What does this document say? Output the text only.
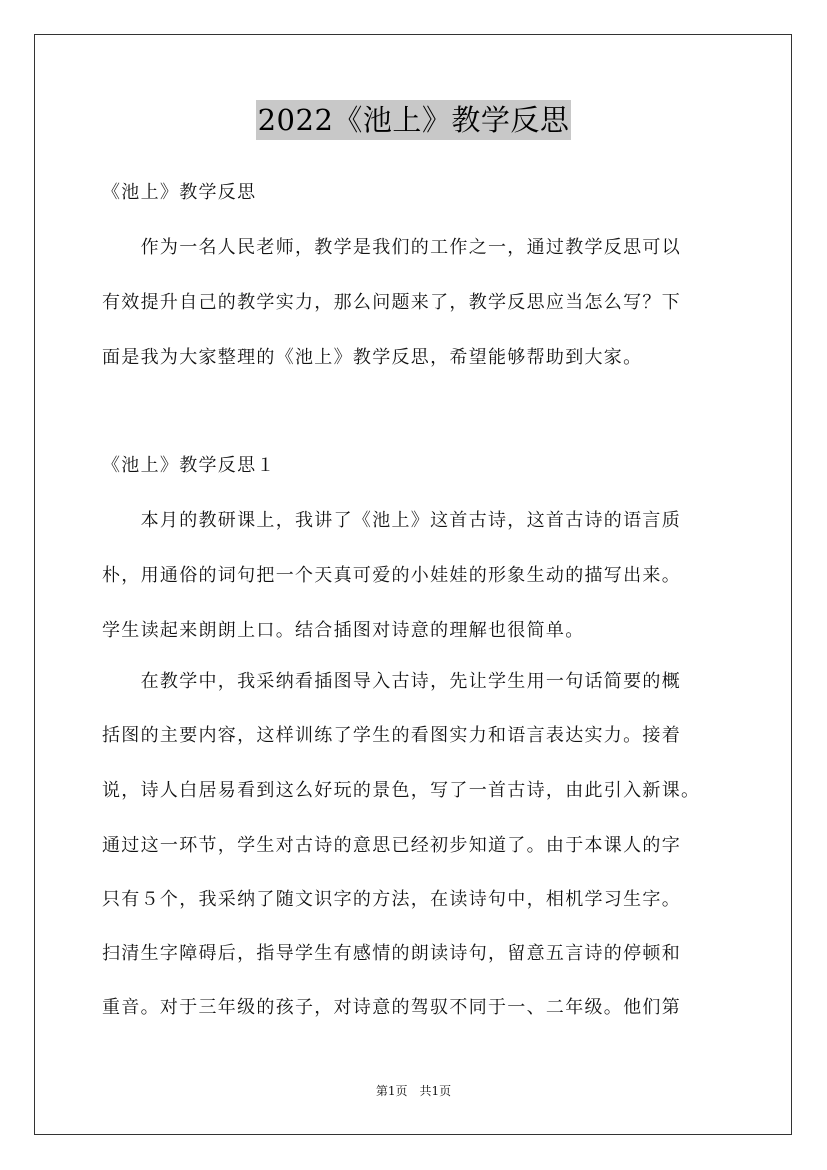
2022《池上》教学反思
《池上》教学反思
　　作为一名人民老师，教学是我们的工作之一，通过教学反思可以
有效提升自己的教学实力，那么问题来了，教学反思应当怎么写？下
面是我为大家整理的《池上》教学反思，希望能够帮助到大家。
《池上》教学反思１
　　本月的教研课上，我讲了《池上》这首古诗，这首古诗的语言质
朴，用通俗的词句把一个天真可爱的小娃娃的形象生动的描写出来。
学生读起来朗朗上口。结合插图对诗意的理解也很简单。
　　在教学中，我采纳看插图导入古诗，先让学生用一句话简要的概
括图的主要内容，这样训练了学生的看图实力和语言表达实力。接着
说，诗人白居易看到这么好玩的景色，写了一首古诗，由此引入新课。
通过这一环节，学生对古诗的意思已经初步知道了。由于本课人的字
只有５个，我采纳了随文识字的方法，在读诗句中，相机学习生字。
扫清生字障碍后，指导学生有感情的朗读诗句，留意五言诗的停顿和
重音。对于三年级的孩子，对诗意的驾驭不同于一、二年级。他们第
第1页　共1页
